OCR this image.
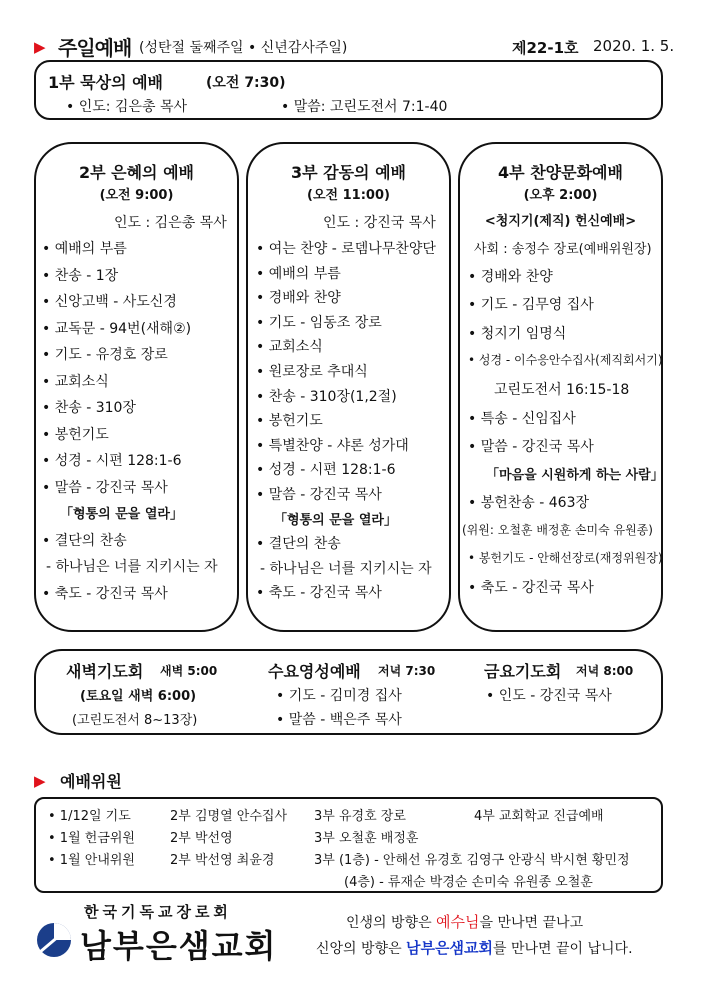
▶ 주일예배 (성탄절 둘째주일 • 신년감사주일)	제22-1호 2020. 1. 5.
1부 묵상의 예배	(오전 7:30)
• 인도: 김은총 목사	• 말씀: 고린도전서 7:1-40
2부 은혜의 예배
(오전 9:00)
인도 : 김은총 목사
• 예배의 부름
• 찬송 - 1장
• 신앙고백 - 사도신경
• 교독문 - 94번(새해②)
• 기도 - 유경호 장로
• 교회소식
• 찬송 - 310장
• 봉헌기도
• 성경 - 시편 128:1-6
• 말씀 - 강진국 목사
「형통의 문을 열라」
• 결단의 찬송
- 하나님은 너를 지키시는 자
• 축도 - 강진국 목사
3부 감동의 예배
(오전 11:00)
인도 : 강진국 목사
• 여는 찬양 - 로뎀나무찬양단
• 예배의 부름
• 경배와 찬양
• 기도 - 임동조 장로
• 교회소식
• 원로장로 추대식
• 찬송 - 310장(1,2절)
• 봉헌기도
• 특별찬양 - 샤론 성가대
• 성경 - 시편 128:1-6
• 말씀 - 강진국 목사
「형통의 문을 열라」
• 결단의 찬송
- 하나님은 너를 지키시는 자
• 축도 - 강진국 목사
4부 찬양문화예배
(오후 2:00)
<청지기(제직) 헌신예배>
사회 : 송정수 장로(예배위원장)
• 경배와 찬양
• 기도 - 김무영 집사
• 청지기 임명식
• 성경 - 이수응안수집사(제직회서기)
고린도전서 16:15-18
• 특송 - 신임집사
• 말씀 - 강진국 목사
「마음을 시원하게 하는 사람」
• 봉헌찬송 - 463장
(위원: 오철훈 배정훈 손미숙 유원종)
• 봉헌기도 - 안해선장로(재정위원장)
• 축도 - 강진국 목사
새벽기도회 새벽 5:00
(토요일 새벽 6:00)
(고린도전서 8~13장)
수요영성예배 저녁 7:30
• 기도 - 김미경 집사
• 말씀 - 백은주 목사
금요기도회 저녁 8:00
• 인도 - 강진국 목사
▶ 예배위원
• 1/12일 기도	2부 김명열 안수집사 3부 유경호 장로	4부 교회학교 진급예배
• 1월 헌금위원	2부 박선영	3부 오철훈 배정훈
• 1월 안내위원	2부 박선영 최윤경	3부 (1층) - 안해선 유경호 김영구 안광식 박시현 황민정
(4층) - 류재순 박경순 손미숙 유원종 오철훈
한국기독교장로회
남부은샘교회
인생의 방향은 예수님을 만나면 끝나고
신앙의 방향은 남부은샘교회를 만나면 끝이 납니다.
